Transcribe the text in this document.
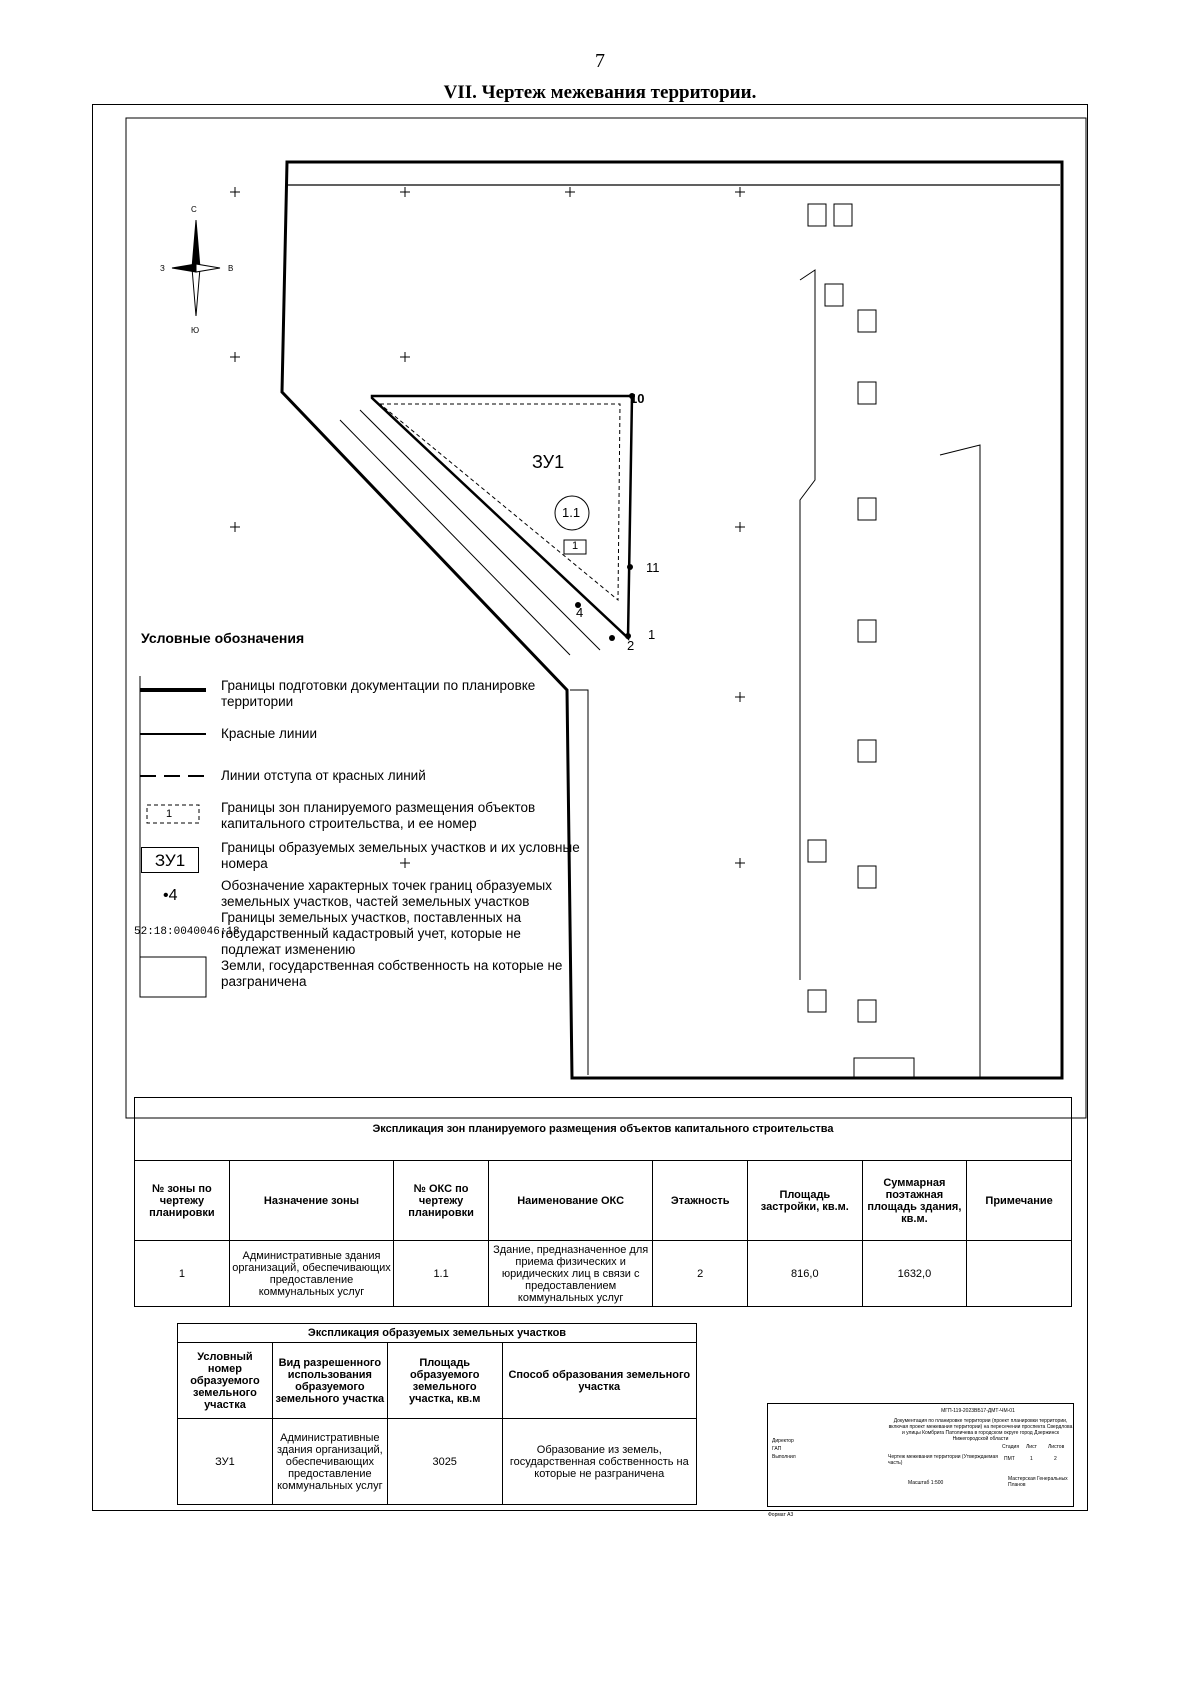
7
VII. Чертеж межевания территории.
ЗУ1
1.1
1
1
2
4
10
11
С
Ю
З	В
Условные обозначения
Границы подготовки документации по планировке территории
Красные линии
Линии отступа от красных линий
Границы зон планируемого размещения объектов капитального строительства, и ее номер
Границы образуемых земельных участков и их условные номера
Обозначение характерных точек границ образуемых земельных участков, частей земельных участков
Границы земельных участков, поставленных на государственный кадастровый учет, которые не подлежат изменению
Земли, государственная собственность на которые не разграничена
1
ЗУ1
•4
52:18:0040046:18
Экспликация зон планируемого размещения объектов капитального строительства							
№ зоны по чертежу планировки	Назначение зоны	№ ОКС по чертежу планировки	Наименование ОКС	Этажность	Площадь застройки, кв.м.	Суммарная поэтажная площадь здания, кв.м.	Примечание
1	Административные здания организаций, обеспечивающих предоставление коммунальных услуг	1.1	Здание, предназначенное для приема физических и юридических лиц в связи с предоставлением коммунальных услуг	2	816,0	1632,0	
Экспликация образуемых земельных участков			
Условный номер образуемого земельного участка	Вид разрешенного использования образуемого земельного участка	Площадь образуемого земельного участка, кв.м	Способ образования земельного участка
ЗУ1	Административные здания организаций, обеспечивающих предоставление коммунальных услуг	3025	Образование из земель, государственная собственность на которые не разграничена
МГП-119-2023ВБ17-ДМТ-ЧМ-01
Документация по планировке территории (проект планировки территории, включая проект межевания территории) на пересечении проспекта Свердлова и улицы Комбрига Патоличева в городском округе город Дзержинск Нижегородской области
Директор
ГАП
Выполнил	Чертеж межевания территории (Утверждаемая часть)
Стадия Лист Листов
ПМТ	1	2
Масштаб 1:500
Мастерская Генеральных Планов
Формат А3
